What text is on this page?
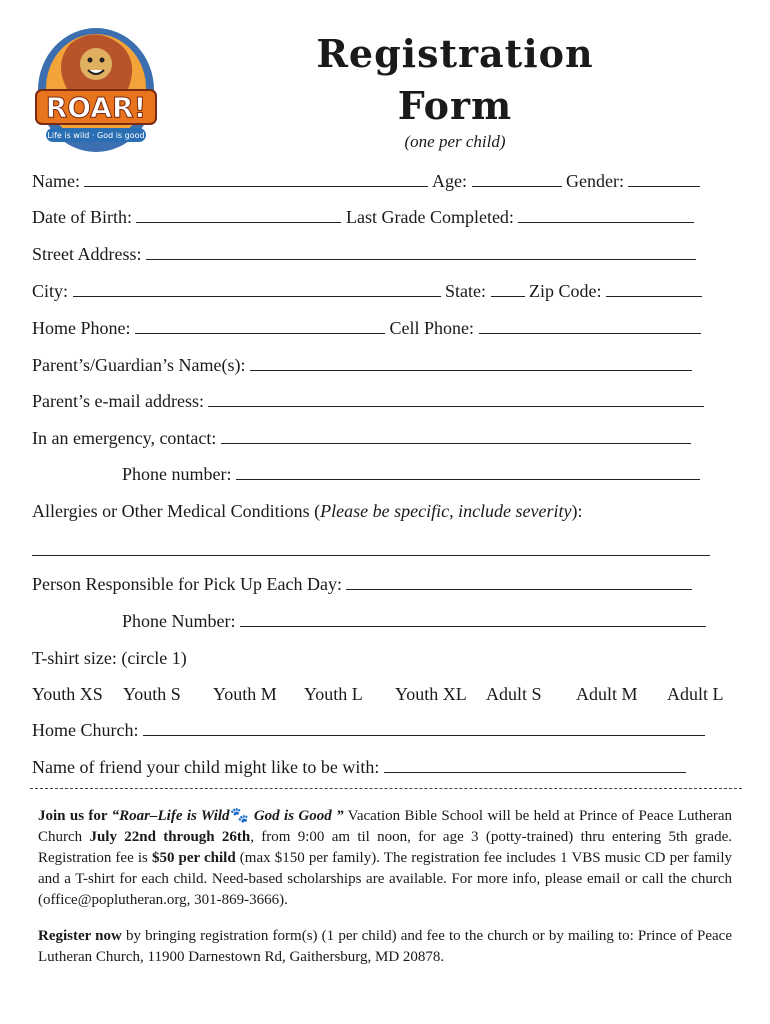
ROAR!
Life is wild · God is good
Registration
Form
(one per child)
Name:	Age:	Gender:
Date of Birth:	Last Grade Completed:
Street Address:
City:	State: Zip Code:
Home Phone:	Cell Phone:
Parent’s/Guardian’s Name(s):
Parent’s e-mail address:
In an emergency, contact:
Phone number:
Allergies or Other Medical Conditions (Please be specific, include severity):
Person Responsible for Pick Up Each Day:
Phone Number:
T-shirt size: (circle 1)
Youth XS Youth S Youth M Youth L Youth XL Adult S Adult M Adult L
Home Church:
Name of friend your child might like to be with:
Join us for “Roar–Life is Wild🐾 God is Good ” Vacation Bible School will be held at Prince of Peace Lutheran Church July 22nd through 26th, from 9:00 am til noon, for age 3 (potty-trained) thru entering 5th grade. Registration fee is $50 per child (max $150 per family). The registration fee includes 1 VBS music CD per family and a T-shirt for each child. Need-based scholarships are available. For more info, please email or call the church (office@poplutheran.org, 301-869-3666).
Register now by bringing registration form(s) (1 per child) and fee to the church or by mailing to: Prince of Peace Lutheran Church, 11900 Darnestown Rd, Gaithersburg, MD 20878.
